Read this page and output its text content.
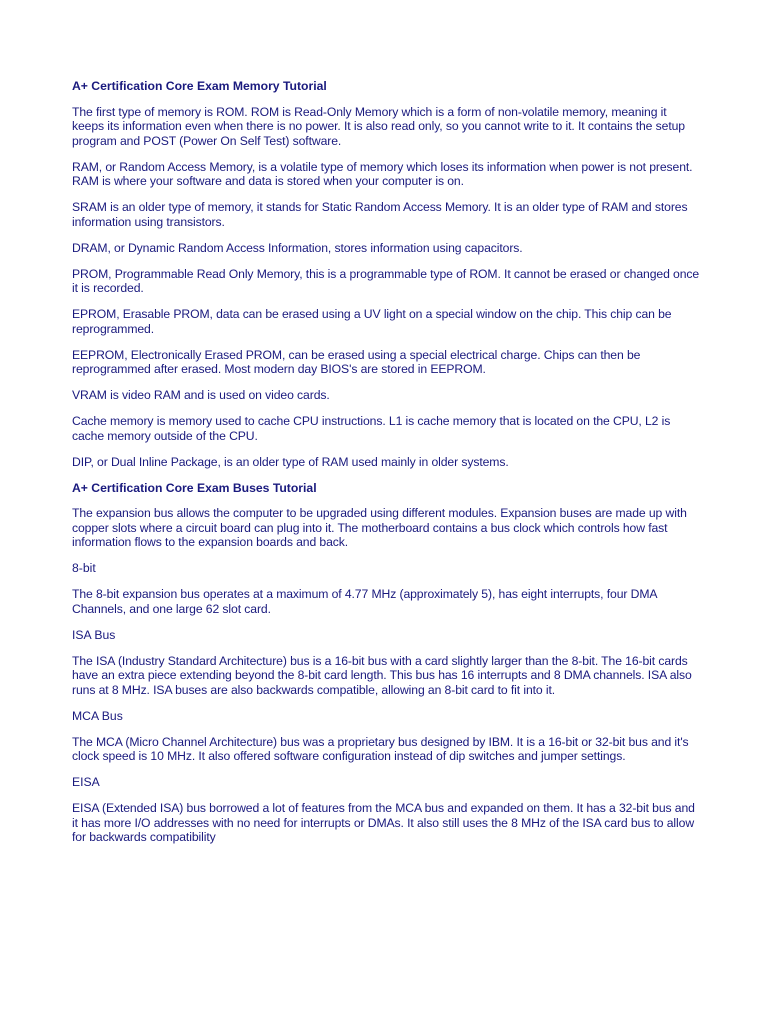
A+ Certification Core Exam Memory Tutorial
The first type of memory is ROM. ROM is Read-Only Memory which is a form of non-volatile memory, meaning it keeps its information even when there is no power. It is also read only, so you cannot write to it. It contains the setup program and POST (Power On Self Test) software.
RAM, or Random Access Memory, is a volatile type of memory which loses its information when power is not present. RAM is where your software and data is stored when your computer is on.
SRAM is an older type of memory, it stands for Static Random Access Memory. It is an older type of RAM and stores information using transistors.
DRAM, or Dynamic Random Access Information, stores information using capacitors.
PROM, Programmable Read Only Memory, this is a programmable type of ROM. It cannot be erased or changed once it is recorded.
EPROM, Erasable PROM, data can be erased using a UV light on a special window on the chip. This chip can be reprogrammed.
EEPROM, Electronically Erased PROM, can be erased using a special electrical charge. Chips can then be reprogrammed after erased. Most modern day BIOS's are stored in EEPROM.
VRAM is video RAM and is used on video cards.
Cache memory is memory used to cache CPU instructions. L1 is cache memory that is located on the CPU, L2 is cache memory outside of the CPU.
DIP, or Dual Inline Package, is an older type of RAM used mainly in older systems.
A+ Certification Core Exam Buses Tutorial
The expansion bus allows the computer to be upgraded using different modules. Expansion buses are made up with copper slots where a circuit board can plug into it. The motherboard contains a bus clock which controls how fast information flows to the expansion boards and back.
8-bit
The 8-bit expansion bus operates at a maximum of 4.77 MHz (approximately 5), has eight interrupts, four DMA Channels, and one large 62 slot card.
ISA Bus
The ISA (Industry Standard Architecture) bus is a 16-bit bus with a card slightly larger than the 8-bit. The 16-bit cards have an extra piece extending beyond the 8-bit card length. This bus has 16 interrupts and 8 DMA channels. ISA also runs at 8 MHz. ISA buses are also backwards compatible, allowing an 8-bit card to fit into it.
MCA Bus
The MCA (Micro Channel Architecture) bus was a proprietary bus designed by IBM. It is a 16-bit or 32-bit bus and it's clock speed is 10 MHz. It also offered software configuration instead of dip switches and jumper settings.
EISA
EISA (Extended ISA) bus borrowed a lot of features from the MCA bus and expanded on them. It has a 32-bit bus and it has more I/O addresses with no need for interrupts or DMAs. It also still uses the 8 MHz of the ISA card bus to allow for backwards compatibility
